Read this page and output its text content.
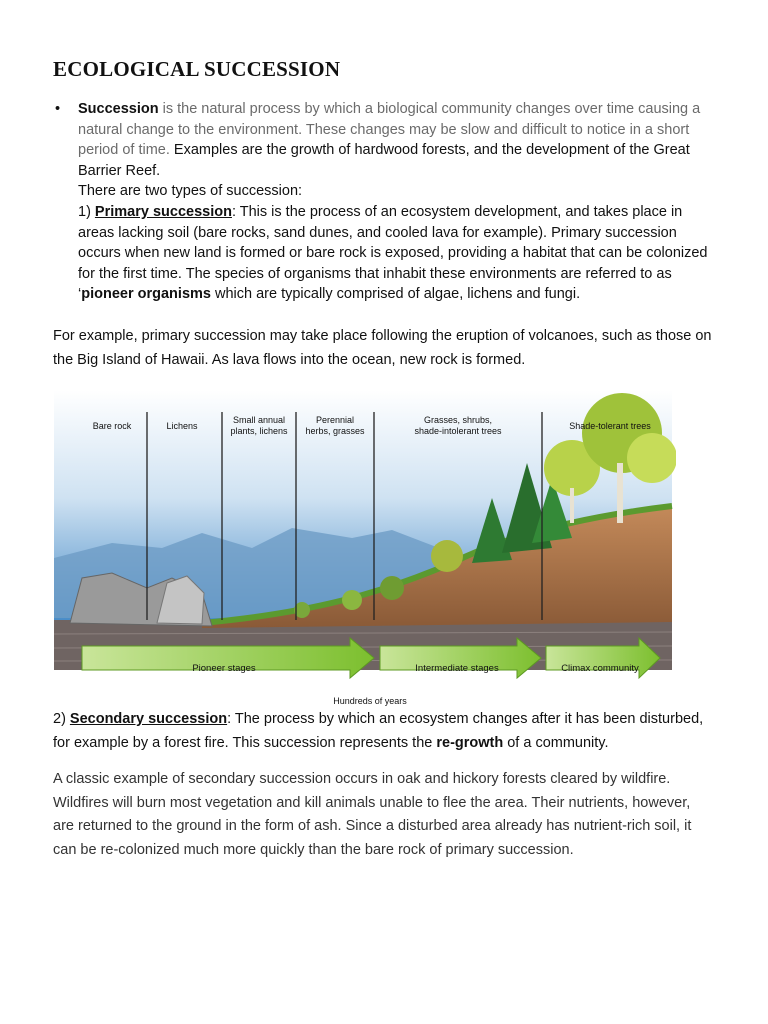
ECOLOGICAL SUCCESSION
• Succession is the natural process by which a biological community changes over time causing a natural change to the environment. These changes may be slow and difficult to notice in a short period of time. Examples are the growth of hardwood forests, and the development of the Great Barrier Reef.
There are two types of succession:
1) Primary succession: This is the process of an ecosystem development, and takes place in areas lacking soil (bare rocks, sand dunes, and cooled lava for example). Primary succession occurs when new land is formed or bare rock is exposed, providing a habitat that can be colonized for the first time. The species of organisms that inhabit these environments are referred to as ‘pioneer organisms which are typically comprised of algae, lichens and fungi.
For example, primary succession may take place following the eruption of volcanoes, such as those on the Big Island of Hawaii. As lava flows into the ocean, new rock is formed.
Bare rock	Lichens
Small annual plants, lichens
Perennial herbs, grasses
Grasses, shrubs, shade-intolerant trees	Shade-tolerant trees
Pioneer stages	Intermediate stages	Climax community
Hundreds of years
2) Secondary succession: The process by which an ecosystem changes after it has been disturbed, for example by a forest fire. This succession represents the re-growth of a community.
A classic example of secondary succession occurs in oak and hickory forests cleared by wildfire. Wildfires will burn most vegetation and kill animals unable to flee the area. Their nutrients, however, are returned to the ground in the form of ash. Since a disturbed area already has nutrient-rich soil, it can be re-colonized much more quickly than the bare rock of primary succession.
